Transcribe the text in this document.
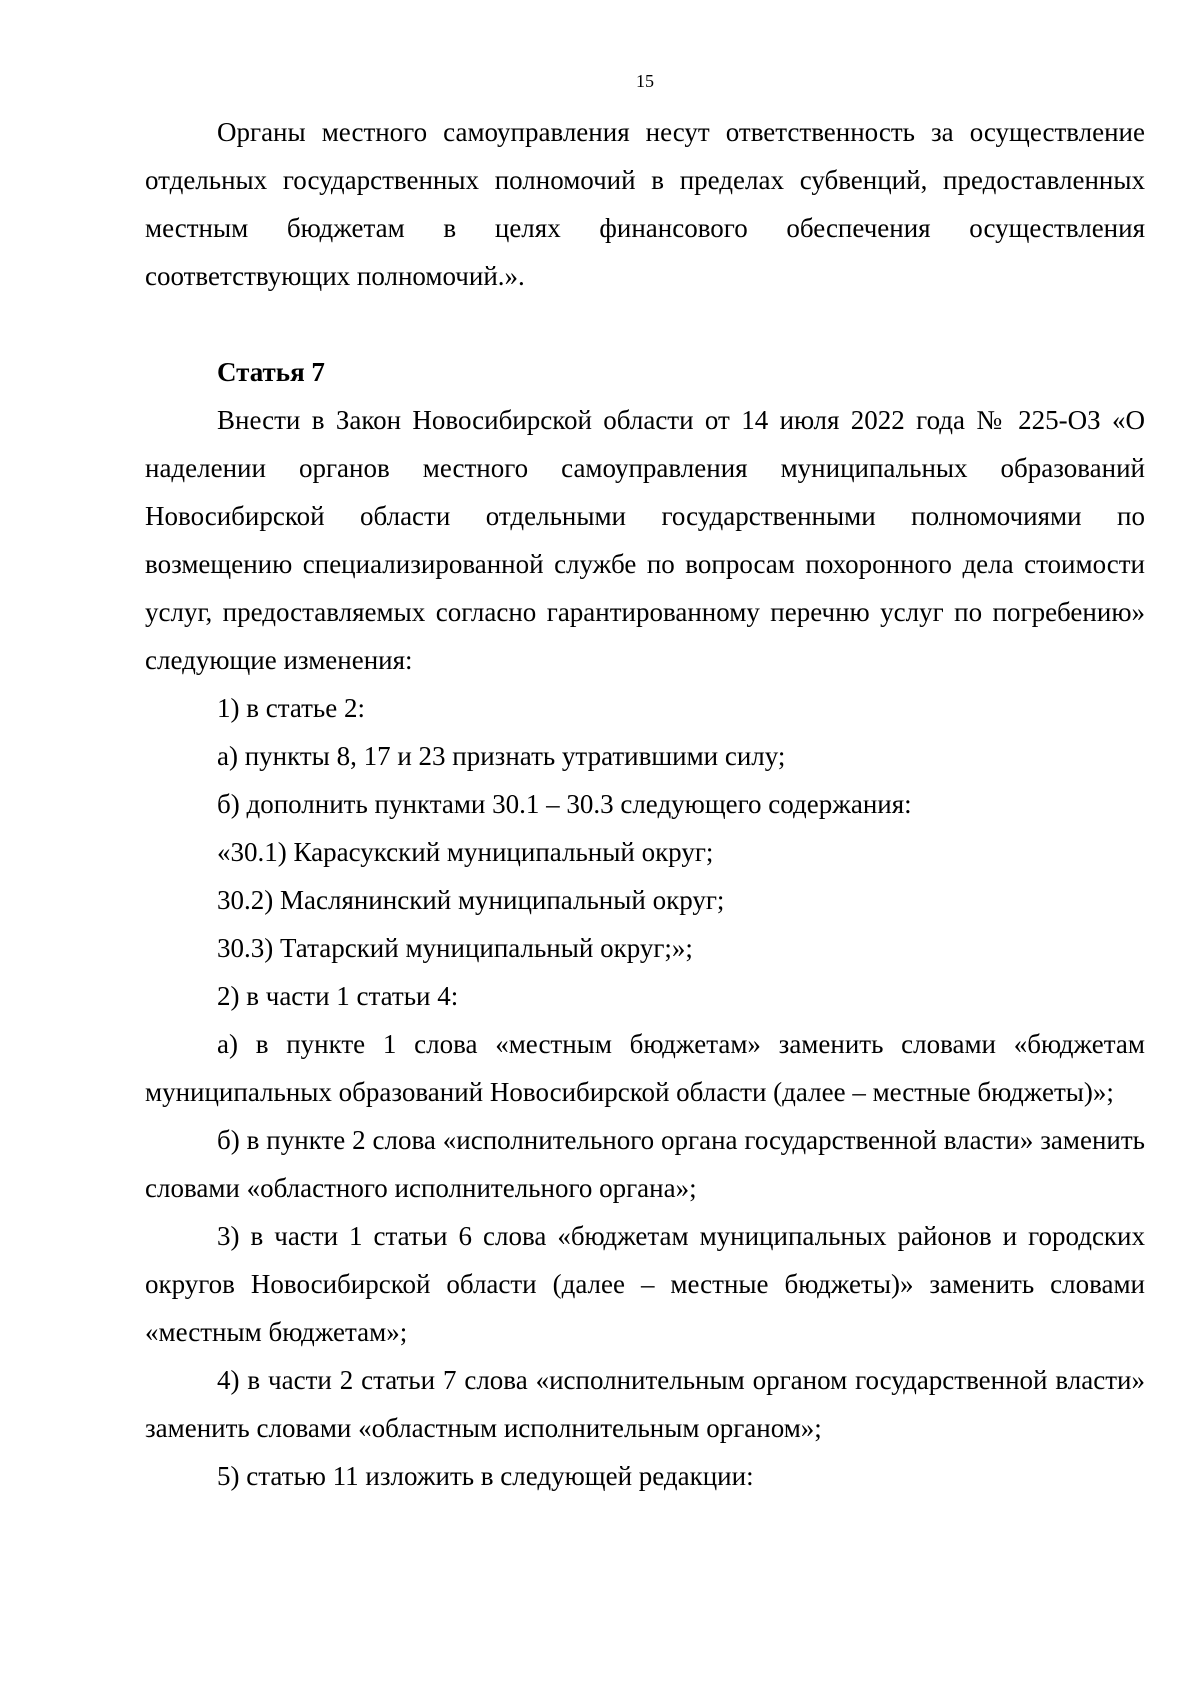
15

Органы местного самоуправления несут ответственность за осуществление отдельных государственных полномочий в пределах субвенций, предоставленных местным бюджетам в целях финансового обеспечения осуществления соответствующих полномочий.».

Статья 7

Внести в Закон Новосибирской области от 14 июля 2022 года № 225-ОЗ «О наделении органов местного самоуправления муниципальных образований Новосибирской области отдельными государственными полномочиями по возмещению специализированной службе по вопросам похоронного дела стоимости услуг, предоставляемых согласно гарантированному перечню услуг по погребению» следующие изменения:

1) в статье 2:

а) пункты 8, 17 и 23 признать утратившими силу;

б) дополнить пунктами 30.1 – 30.3 следующего содержания:

«30.1) Карасукский муниципальный округ;

30.2) Маслянинский муниципальный округ;

30.3) Татарский муниципальный округ;»;

2) в части 1 статьи 4:

а) в пункте 1 слова «местным бюджетам» заменить словами «бюджетам муниципальных образований Новосибирской области (далее – местные бюджеты)»;

б) в пункте 2 слова «исполнительного органа государственной власти» заменить словами «областного исполнительного органа»;

3) в части 1 статьи 6 слова «бюджетам муниципальных районов и городских округов Новосибирской области (далее – местные бюджеты)» заменить словами «местным бюджетам»;

4) в части 2 статьи 7 слова «исполнительным органом государственной власти» заменить словами «областным исполнительным органом»;

5) статью 11 изложить в следующей редакции:
